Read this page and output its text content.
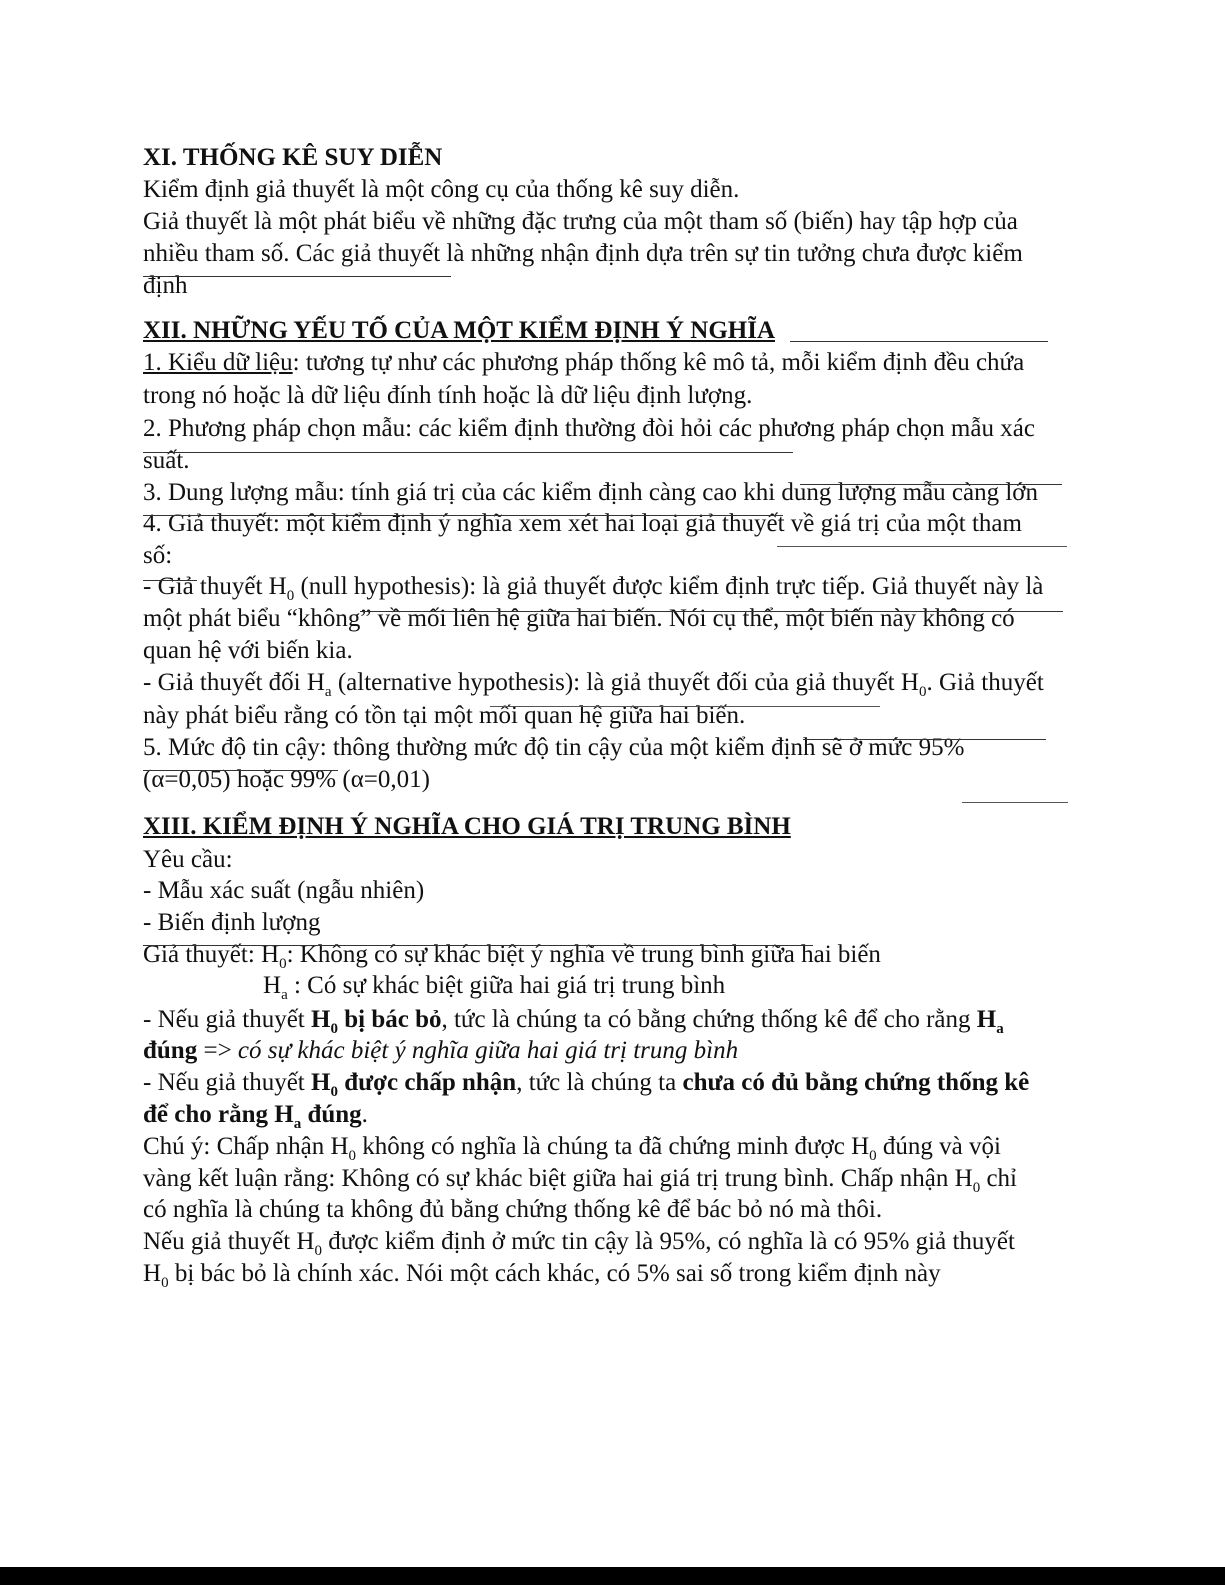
XI. THỐNG KÊ SUY DIỄN
Kiểm định giả thuyết là một công cụ của thống kê suy diễn.
Giả thuyết là một phát biểu về những đặc trưng của một tham số (biến) hay tập hợp của
nhiều tham số. Các giả thuyết là những nhận định dựa trên sự tin tưởng chưa được kiểm
định
XII. NHỮNG YẾU TỐ CỦA MỘT KIỂM ĐỊNH Ý NGHĨA
1. Kiểu dữ liệu: tương tự như các phương pháp thống kê mô tả, mỗi kiểm định đều chứa
trong nó hoặc là dữ liệu đính tính hoặc là dữ liệu định lượng.
2. Phương pháp chọn mẫu: các kiểm định thường đòi hỏi các phương pháp chọn mẫu xác
suất.
3. Dung lượng mẫu: tính giá trị của các kiểm định càng cao khi dung lượng mẫu càng lớn
4. Giả thuyết: một kiểm định ý nghĩa xem xét hai loại giả thuyết về giá trị của một tham
số:
- Giả thuyết $H_0$ (null hypothesis): là giả thuyết được kiểm định trực tiếp. Giả thuyết này là
một phát biểu “không” về mối liên hệ giữa hai biến. Nói cụ thể, một biến này không có
quan hệ với biến kia.
- Giả thuyết đối $H_a$ (alternative hypothesis): là giả thuyết đối của giả thuyết $H_0$. Giả thuyết
này phát biểu rằng có tồn tại một mối quan hệ giữa hai biến.
5. Mức độ tin cậy: thông thường mức độ tin cậy của một kiểm định sẽ ở mức 95%
(α=0,05) hoặc 99% (α=0,01)
XIII. KIỂM ĐỊNH Ý NGHĨA CHO GIÁ TRỊ TRUNG BÌNH
Yêu cầu:
- Mẫu xác suất (ngẫu nhiên)
- Biến định lượng
Giả thuyết: $H_0$: Không có sự khác biệt ý nghĩa về trung bình giữa hai biến
$H_a$ : Có sự khác biệt giữa hai giá trị trung bình
- Nếu giả thuyết $H_0$ bị bác bỏ, tức là chúng ta có bằng chứng thống kê để cho rằng $H_a$
đúng => có sự khác biệt ý nghĩa giữa hai giá trị trung bình
- Nếu giả thuyết $H_0$ được chấp nhận, tức là chúng ta chưa có đủ bằng chứng thống kê
để cho rằng $H_a$ đúng.
Chú ý: Chấp nhận $H_0$ không có nghĩa là chúng ta đã chứng minh được $H_0$ đúng và vội
vàng kết luận rằng: Không có sự khác biệt giữa hai giá trị trung bình. Chấp nhận $H_0$ chỉ
có nghĩa là chúng ta không đủ bằng chứng thống kê để bác bỏ nó mà thôi.
Nếu giả thuyết $H_0$ được kiểm định ở mức tin cậy là 95%, có nghĩa là có 95% giả thuyết
$H_0$ bị bác bỏ là chính xác. Nói một cách khác, có 5% sai số trong kiểm định này
